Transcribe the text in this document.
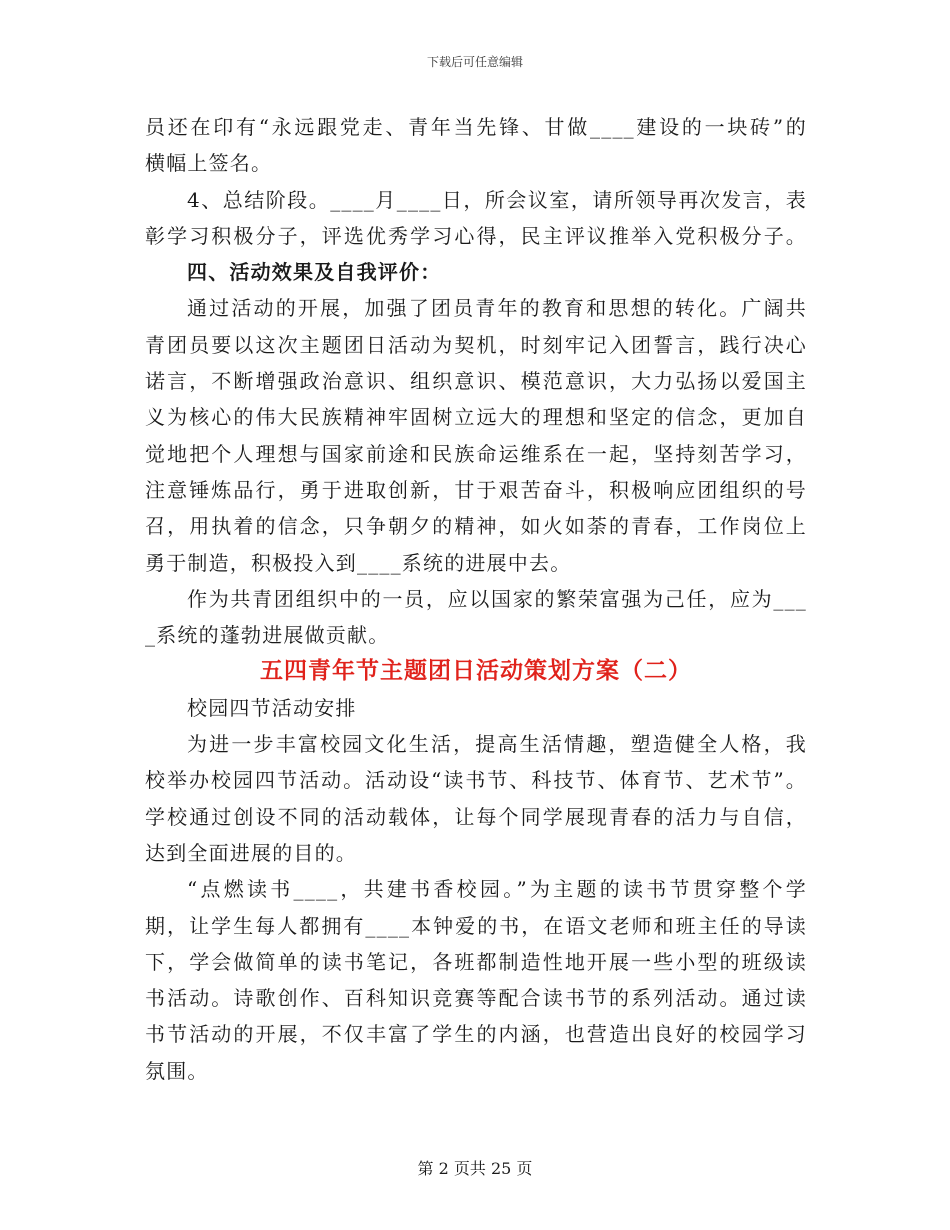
下载后可任意编辑
员还在印有“永远跟党走、青年当先锋、甘做____建设的一块砖”的
横幅上签名。
4、总结阶段。____月____日，所会议室，请所领导再次发言，表
彰学习积极分子，评选优秀学习心得，民主评议推举入党积极分子。
四、活动效果及自我评价：
通过活动的开展，加强了团员青年的教育和思想的转化。广阔共
青团员要以这次主题团日活动为契机，时刻牢记入团誓言，践行决心
诺言，不断增强政治意识、组织意识、模范意识，大力弘扬以爱国主
义为核心的伟大民族精神牢固树立远大的理想和坚定的信念，更加自
觉地把个人理想与国家前途和民族命运维系在一起，坚持刻苦学习，
注意锤炼品行，勇于进取创新，甘于艰苦奋斗，积极响应团组织的号
召，用执着的信念，只争朝夕的精神，如火如荼的青春，工作岗位上
勇于制造，积极投入到____系统的进展中去。
作为共青团组织中的一员，应以国家的繁荣富强为己任，应为___
_系统的蓬勃进展做贡献。
五四青年节主题团日活动策划方案（二）
校园四节活动安排
为进一步丰富校园文化生活，提高生活情趣，塑造健全人格，我
校举办校园四节活动。活动设“读书节、科技节、体育节、艺术节”。
学校通过创设不同的活动载体，让每个同学展现青春的活力与自信，
达到全面进展的目的。
“点燃读书____，共建书香校园。”为主题的读书节贯穿整个学
期，让学生每人都拥有____本钟爱的书，在语文老师和班主任的导读
下，学会做简单的读书笔记，各班都制造性地开展一些小型的班级读
书活动。诗歌创作、百科知识竞赛等配合读书节的系列活动。通过读
书节活动的开展，不仅丰富了学生的内涵，也营造出良好的校园学习
氛围。
第 2 页共 25 页
